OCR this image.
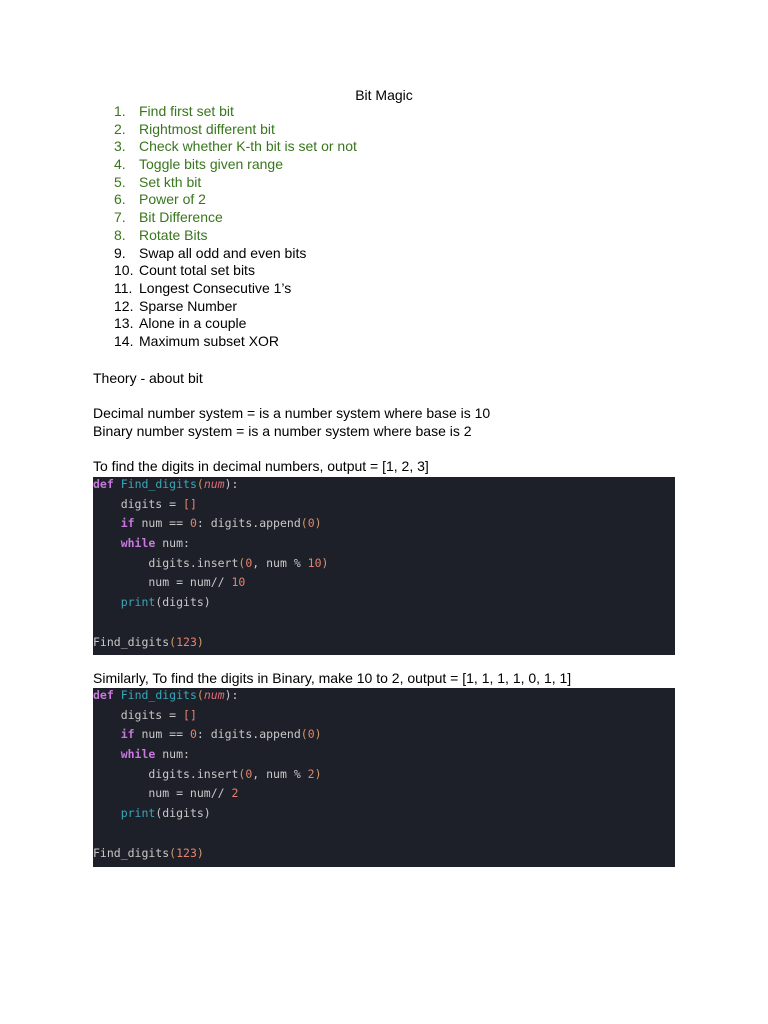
Bit Magic
1. Find first set bit
2. Rightmost different bit
3. Check whether K-th bit is set or not
4. Toggle bits given range
5. Set kth bit
6. Power of 2
7. Bit Difference
8. Rotate Bits
9. Swap all odd and even bits
10. Count total set bits
11. Longest Consecutive 1’s
12. Sparse Number
13. Alone in a couple
14. Maximum subset XOR

Theory - about bit

Decimal number system = is a number system where base is 10

Binary number system = is a number system where base is 2

To find the digits in decimal numbers, output = [1, 2, 3]

def Find_digits(num):
digits = []
if num == 0: digits.append(0)
while num:
digits.insert(0, num % 10)
num = num// 10
print(digits)
Find_digits(123)

Similarly, To find the digits in Binary, make 10 to 2, output = [1, 1, 1, 1, 0, 1, 1]

def Find_digits(num):
digits = []
if num == 0: digits.append(0)
while num:
digits.insert(0, num % 2)
num = num// 2
print(digits)
Find_digits(123)
